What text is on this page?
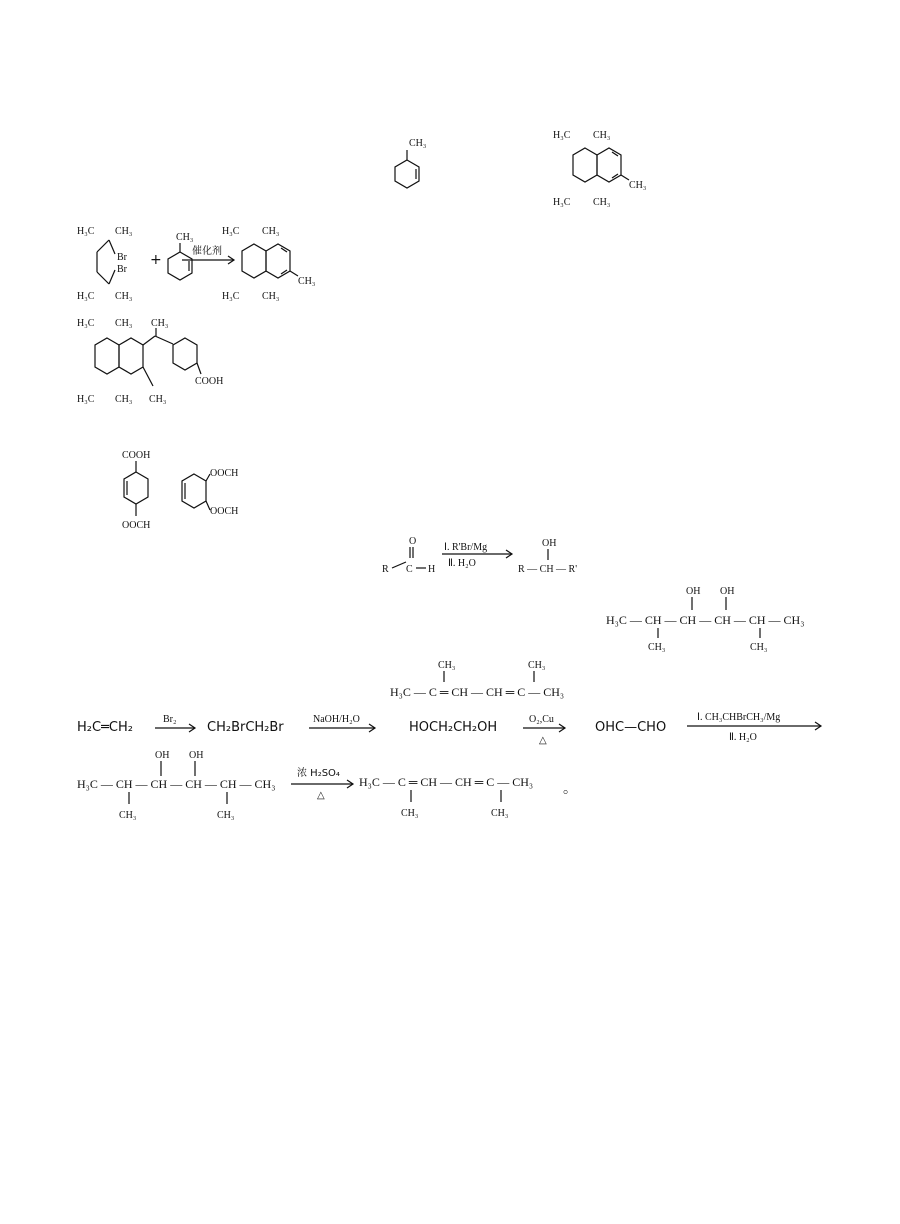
CH₃
H₃C CH₃
H₃C CH₃
CH₃
H₃C CH₃
Br
Br
H₃C CH₃
+
CH₃
催化剂
H₃C CH₃
H₃C CH₃
CH₃
H₃C CH₃ CH₃
H₃C CH₃ CH₃
COOH
COOH
OOCH
OOCH
OOCH
O
R C H
Ⅰ. R'Br/Mg
Ⅱ. H₂O
OH
R — CH — R'
OH OH
H₃C — CH — CH — CH — CH — CH₃
CH₃	CH₃
CH₃	CH₃
H₃C — C ═ CH — CH ═ C — CH₃
H₂C═CH₂
Br₂
CH₂BrCH₂Br
NaOH/H₂O
HOCH₂CH₂OH
O₂,Cu
△
OHC—CHO
Ⅰ. CH₃CHBrCH₃/Mg
Ⅱ. H₂O
OH OH
H₃C — CH — CH — CH — CH — CH₃
CH₃	CH₃
浓 H₂SO₄
△
H₃C — C ═ CH — CH ═ C — CH₃
CH₃	CH₃
。
